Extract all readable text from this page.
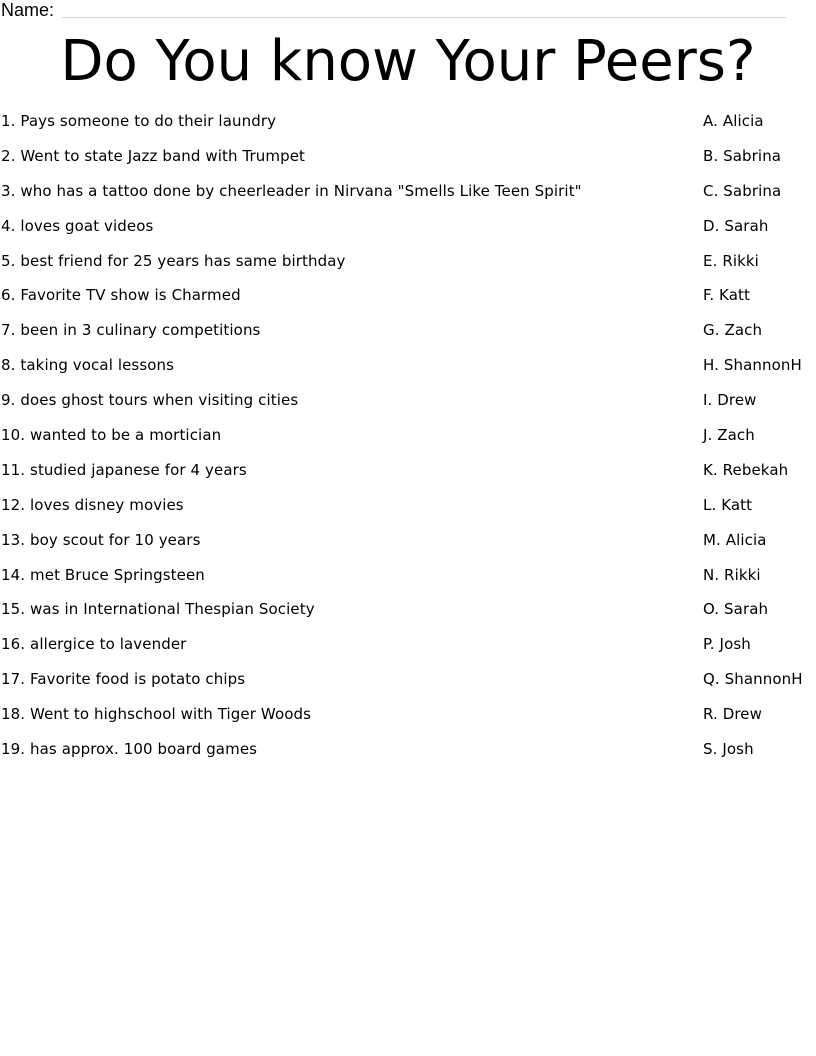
Name:
Do You know Your Peers?
1. Pays someone to do their laundry	A. Alicia
2. Went to state Jazz band with Trumpet	B. Sabrina
3. who has a tattoo done by cheerleader in Nirvana "Smells Like Teen Spirit"	C. Sabrina
4. loves goat videos	D. Sarah
5. best friend for 25 years has same birthday	E. Rikki
6. Favorite TV show is Charmed	F. Katt
7. been in 3 culinary competitions	G. Zach
8. taking vocal lessons	H. ShannonH
9. does ghost tours when visiting cities	I. Drew
10. wanted to be a mortician	J. Zach
11. studied japanese for 4 years	K. Rebekah
12. loves disney movies	L. Katt
13. boy scout for 10 years	M. Alicia
14. met Bruce Springsteen	N. Rikki
15. was in International Thespian Society	O. Sarah
16. allergice to lavender	P. Josh
17. Favorite food is potato chips	Q. ShannonH
18. Went to highschool with Tiger Woods	R. Drew
19. has approx. 100 board games	S. Josh
